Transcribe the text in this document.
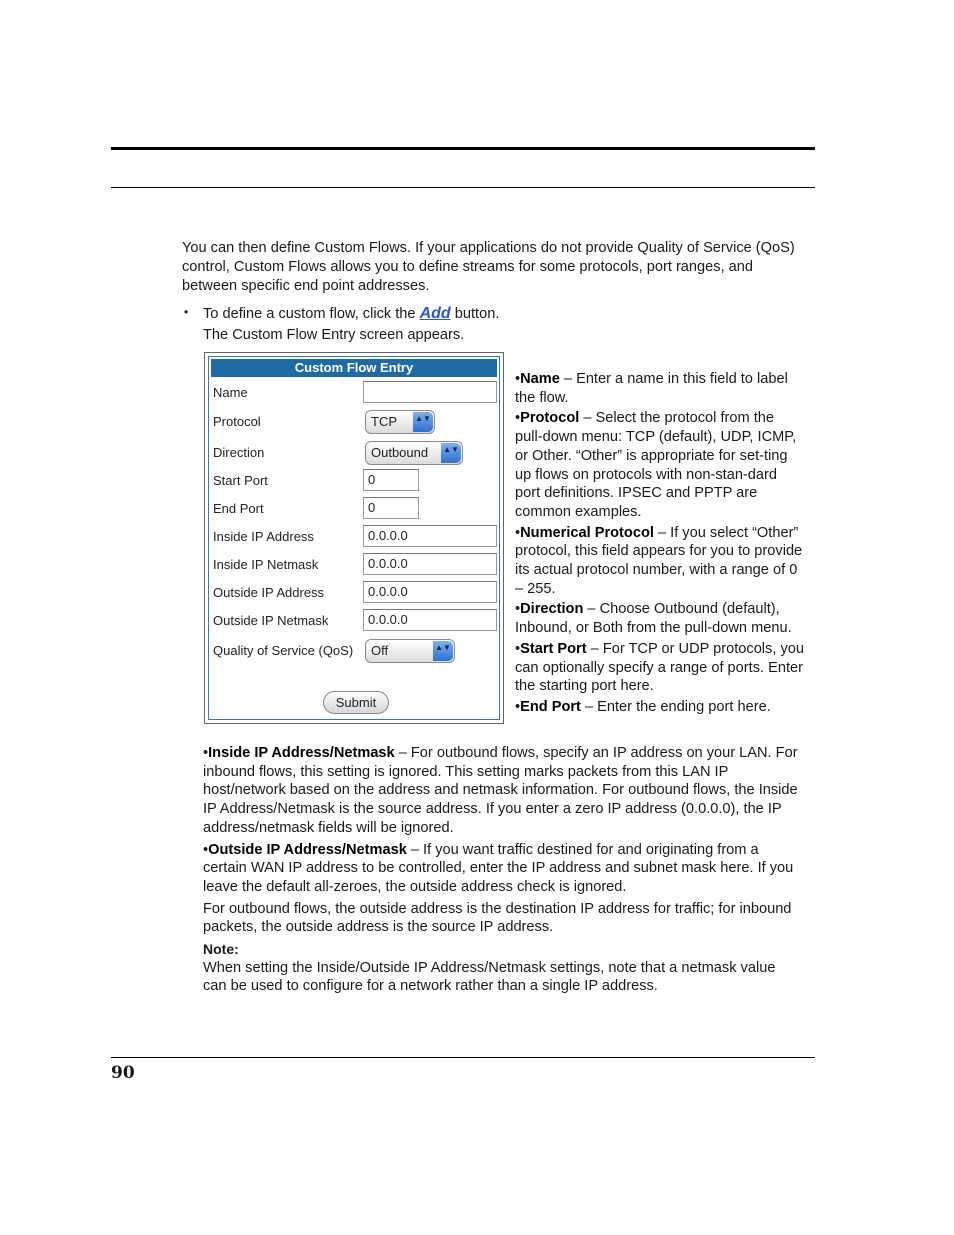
You can then define Custom Flows. If your applications do not provide Quality of Service (QoS) control, Custom Flows allows you to define streams for some protocols, port ranges, and between specific end point addresses.

• To define a custom flow, click the Add button.
The Custom Flow Entry screen appears.
Custom Flow Entry
Name
Protocol	TCP ▲▼
Direction	Outbound ▲▼
Start Port	0
End Port	0
Inside IP Address	0.0.0.0
Inside IP Netmask	0.0.0.0
Outside IP Address	0.0.0.0
Outside IP Netmask	0.0.0.0
Quality of Service (QoS)	Off	▲▼
Submit

•Name – Enter a name in this field to label the flow.

•Protocol – Select the protocol from the pull-down menu: TCP (default), UDP, ICMP, or Other. “Other” is appropriate for set-ting up flows on protocols with non-stan-dard port definitions. IPSEC and PPTP are common examples.

•Numerical Protocol – If you select “Other” protocol, this field appears for you to provide its actual protocol number, with a range of 0 – 255.

•Direction – Choose Outbound (default), Inbound, or Both from the pull-down menu.

•Start Port – For TCP or UDP protocols, you can optionally specify a range of ports. Enter the starting port here.

•End Port – Enter the ending port here.

•Inside IP Address/Netmask – For outbound flows, specify an IP address on your LAN. For inbound flows, this setting is ignored. This setting marks packets from this LAN IP host/network based on the address and netmask information. For outbound flows, the Inside IP Address/Netmask is the source address. If you enter a zero IP address (0.0.0.0), the IP address/netmask fields will be ignored.

•Outside IP Address/Netmask – If you want traffic destined for and originating from a certain WAN IP address to be controlled, enter the IP address and subnet mask here. If you leave the default all-zeroes, the outside address check is ignored.

For outbound flows, the outside address is the destination IP address for traffic; for inbound packets, the outside address is the source IP address.

Note:

When setting the Inside/Outside IP Address/Netmask settings, note that a netmask value can be used to configure for a network rather than a single IP address.

90
